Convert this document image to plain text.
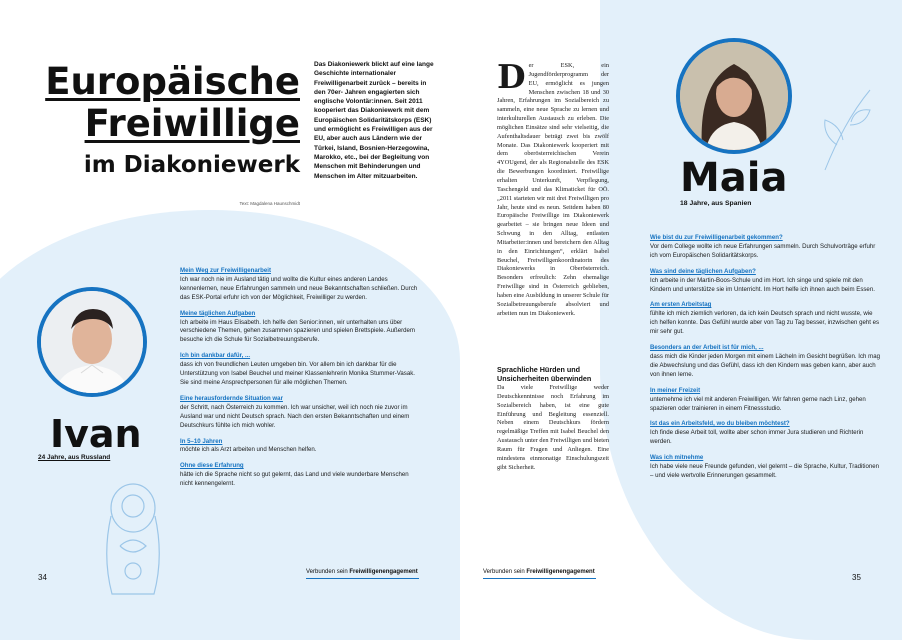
Europäische
Freiwillige
im Diakoniewerk
Text: Magdalena Haunschmidt
Das Diakoniewerk blickt auf eine lange Geschichte internationaler Freiwilligenarbeit zurück – bereits in den 70er- Jahren engagierten sich englische Volontär:innen. Seit 2011 kooperiert das Diakoniewerk mit dem Europäischen Solidaritätskorps (ESK) und ermöglicht es Freiwilligen aus der EU, aber auch aus Ländern wie der Türkei, Island, Bosnien-Herzegowina, Marokko, etc., bei der Begleitung von Menschen mit Behinderungen und Menschen im Alter mitzuarbeiten.
Ivan
24 Jahre, aus Russland
Mein Weg zur Freiwilligenarbeit
Ich war noch nie im Ausland tätig und wollte die Kultur eines anderen Landes kennenlernen, neue Erfahrungen sammeln und neue Bekanntschaften schließen. Durch das ESK-Portal erfuhr ich von der Möglichkeit, Freiwilliger zu werden.
Meine täglichen Aufgaben
Ich arbeite im Haus Elisabeth. Ich helfe den Senior:innen, wir unterhalten uns über verschiedene Themen, gehen zusammen spazieren und spielen Brettspiele. Außerdem besuche ich die Schule für Sozialbetreuungsberufe.
Ich bin dankbar dafür, ...
dass ich von freundlichen Leuten umgeben bin. Vor allem bin ich dankbar für die Unterstützung von Isabel Beuchel und meiner Klassenlehrerin Monika Stummer-Vasak. Sie sind meine Ansprechpersonen für alle möglichen Themen.
Eine herausfordernde Situation war
der Schritt, nach Österreich zu kommen. Ich war unsicher, weil ich noch nie zuvor im Ausland war und nicht Deutsch sprach. Nach den ersten Bekanntschaften und einem Deutschkurs fühlte ich mich wohler.
In 5–10 Jahren
möchte ich als Arzt arbeiten und Menschen helfen.
Ohne diese Erfahrung
hätte ich die Sprache nicht so gut gelernt, das Land und viele wunderbare Menschen nicht kennengelernt.
Der ESK, ein Jugendförderprogramm der EU, ermöglicht es jungen Menschen zwischen 18 und 30 Jahren, Erfahrungen im Sozialbereich zu sammeln, eine neue Sprache zu lernen und interkulturellen Austausch zu erleben. Die möglichen Einsätze sind sehr vielseitig, die Aufenthaltsdauer beträgt zwei bis zwölf Monate. Das Diakoniewerk kooperiert mit dem oberösterreichischen Verein 4YOUgend, der als Regionalstelle des ESK die Bewerbungen koordiniert. Freiwillige erhalten Unterkunft, Verpflegung, Taschengeld und das Klimaticket für OÖ. „2011 starteten wir mit drei Freiwilligen pro Jahr, heute sind es neun. Seitdem haben 80 Europäische Freiwillige im Diakoniewerk gearbeitet – sie bringen neue Ideen und Schwung in den Alltag, entlasten Mitarbeiter:innen und bereichern den Alltag in den Einrichtungen“, erklärt Isabel Beuchel, Freiwilligenkoordinatorin des Diakoniewerks in Oberösterreich. Besonders erfreulich: Zehn ehemalige Freiwillige sind in Österreich geblieben, haben eine Ausbildung in unserer Schule für Sozialbetreuungsberufe absolviert und arbeiten nun im Diakoniewerk.
Sprachliche Hürden und Unsicherheiten überwinden
Da viele Freiwillige weder Deutschkenntnisse noch Erfahrung im Sozialbereich haben, ist eine gute Einführung und Begleitung essenziell. Neben einem Deutschkurs fördern regelmäßige Treffen mit Isabel Beuchel den Austausch unter den Freiwilligen und bieten Raum für Fragen und Anliegen. Eine mindestens einmonatige Einschulungszeit gibt Sicherheit.
Maia
18 Jahre, aus Spanien
Wie bist du zur Freiwilligenarbeit gekommen?
Vor dem College wollte ich neue Erfahrungen sammeln. Durch Schulvorträge erfuhr ich vom Europäischen Solidaritätskorps.
Was sind deine täglichen Aufgaben?
Ich arbeite in der Martin-Boos-Schule und im Hort. Ich singe und spiele mit den Kindern und unterstütze sie im Unterricht. Im Hort helfe ich ihnen auch beim Essen.
Am ersten Arbeitstag
fühlte ich mich ziemlich verloren, da ich kein Deutsch sprach und nicht wusste, wie ich helfen konnte. Das Gefühl wurde aber von Tag zu Tag besser, inzwischen geht es mir sehr gut.
Besonders an der Arbeit ist für mich, ...
dass mich die Kinder jeden Morgen mit einem Lächeln im Gesicht begrüßen. Ich mag die Abwechslung und das Gefühl, dass ich den Kindern was geben kann, aber auch von ihnen lerne.
In meiner Freizeit
unternehme ich viel mit anderen Freiwilligen. Wir fahren gerne nach Linz, gehen spazieren oder trainieren in einem Fitnessstudio.
Ist das ein Arbeitsfeld, wo du bleiben möchtest?
Ich finde diese Arbeit toll, wollte aber schon immer Jura studieren und Richterin werden.
Was ich mitnehme
Ich habe viele neue Freunde gefunden, viel gelernt – die Sprache, Kultur, Traditionen – und viele wertvolle Erinnerungen gesammelt.
34	35
Verbunden sein Freiwilligenengagement	Verbunden sein Freiwilligenengagement
